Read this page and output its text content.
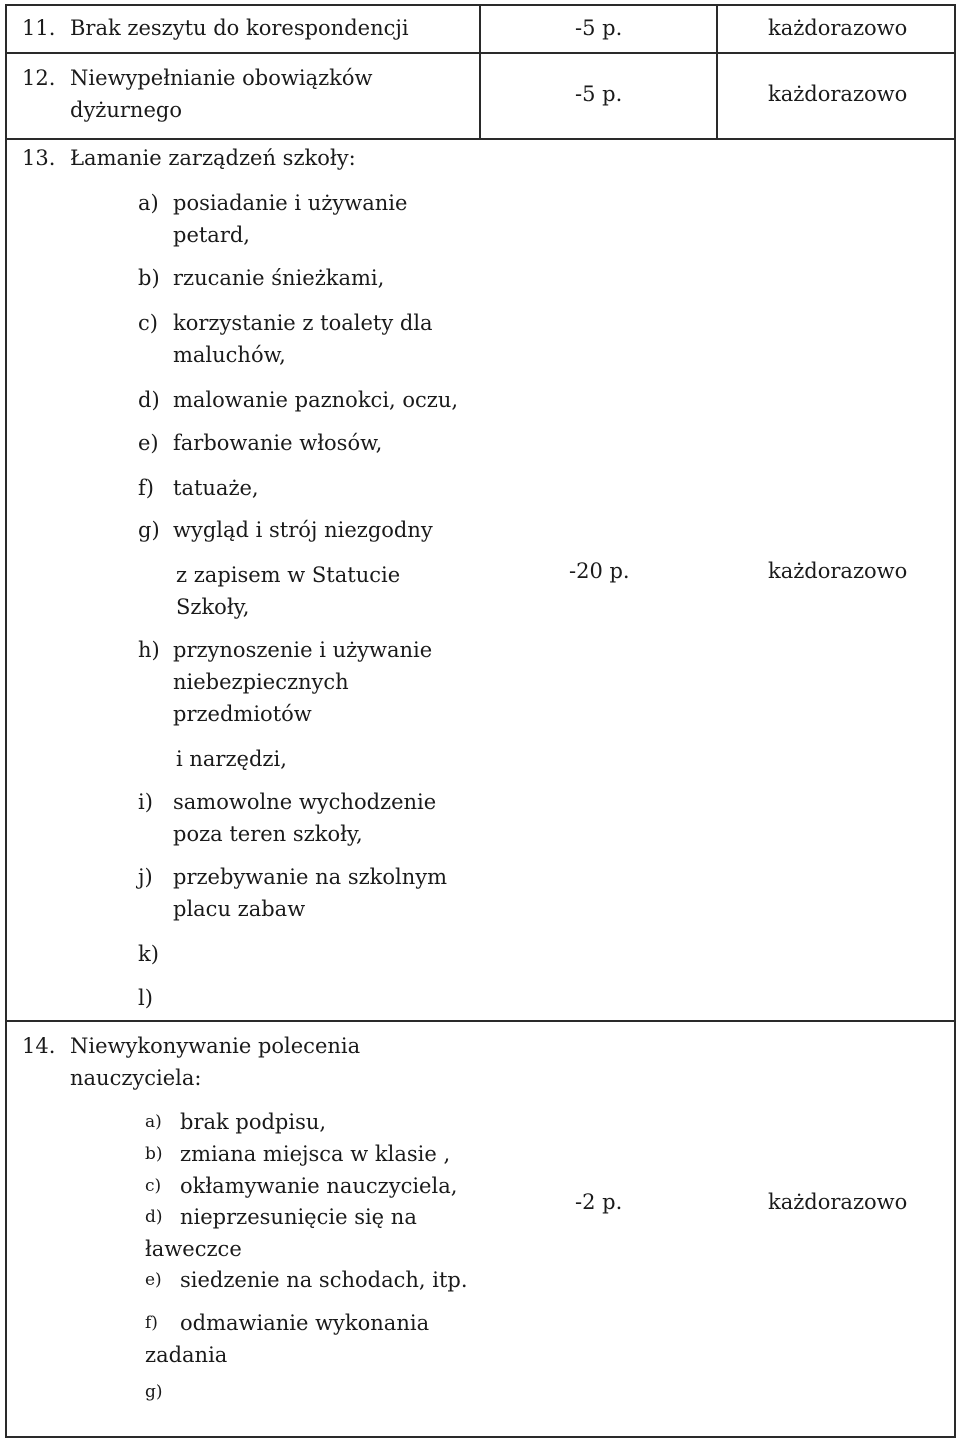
11. Brak zeszytu do korespondencji	-5 p.	każdorazowo
12. Niewypełnianie obowiązków
dyżurnego
-5 p.	każdorazowo
13. Łamanie zarządzeń szkoły:
a) posiadanie i używanie
petard,
b) rzucanie śnieżkami,
c) korzystanie z toalety dla
maluchów,
d) malowanie paznokci, oczu,
e) farbowanie włosów,
f) tatuaże,
g) wygląd i strój niezgodny
z zapisem w Statucie
Szkoły,
h) przynoszenie i używanie
niebezpiecznych
przedmiotów
i narzędzi,
i) samowolne wychodzenie
poza teren szkoły,
j) przebywanie na szkolnym
placu zabaw
k)
l)
-20 p.	każdorazowo
14. Niewykonywanie polecenia
nauczyciela:
a) brak podpisu,
b) zmiana miejsca w klasie ,
c) okłamywanie nauczyciela,
d) nieprzesunięcie się na
ławeczce
e) siedzenie na schodach, itp.
f) odmawianie wykonania
zadania
g)
-2 p.	każdorazowo
